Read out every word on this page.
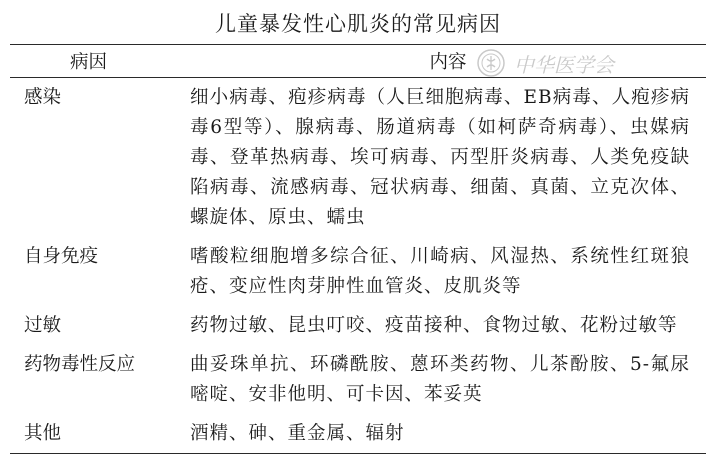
儿童暴发性心肌炎的常见病因
病因	内容
感染	细小病毒、疱疹病毒（人巨细胞病毒、EB病毒、人疱疹病毒6型等）、腺病毒、肠道病毒（如柯萨奇病毒）、虫媒病毒、登革热病毒、埃可病毒、丙型肝炎病毒、人类免疫缺陷病毒、流感病毒、冠状病毒、细菌、真菌、立克次体、螺旋体、原虫、蠕虫
自身免疫	嗜酸粒细胞增多综合征、川崎病、风湿热、系统性红斑狼疮、变应性肉芽肿性血管炎、皮肌炎等
过敏	药物过敏、昆虫叮咬、疫苗接种、食物过敏、花粉过敏等
药物毒性反应	曲妥珠单抗、环磷酰胺、蒽环类药物、儿茶酚胺、5-氟尿嘧啶、安非他明、可卡因、苯妥英
其他	酒精、砷、重金属、辐射
中华医学会
